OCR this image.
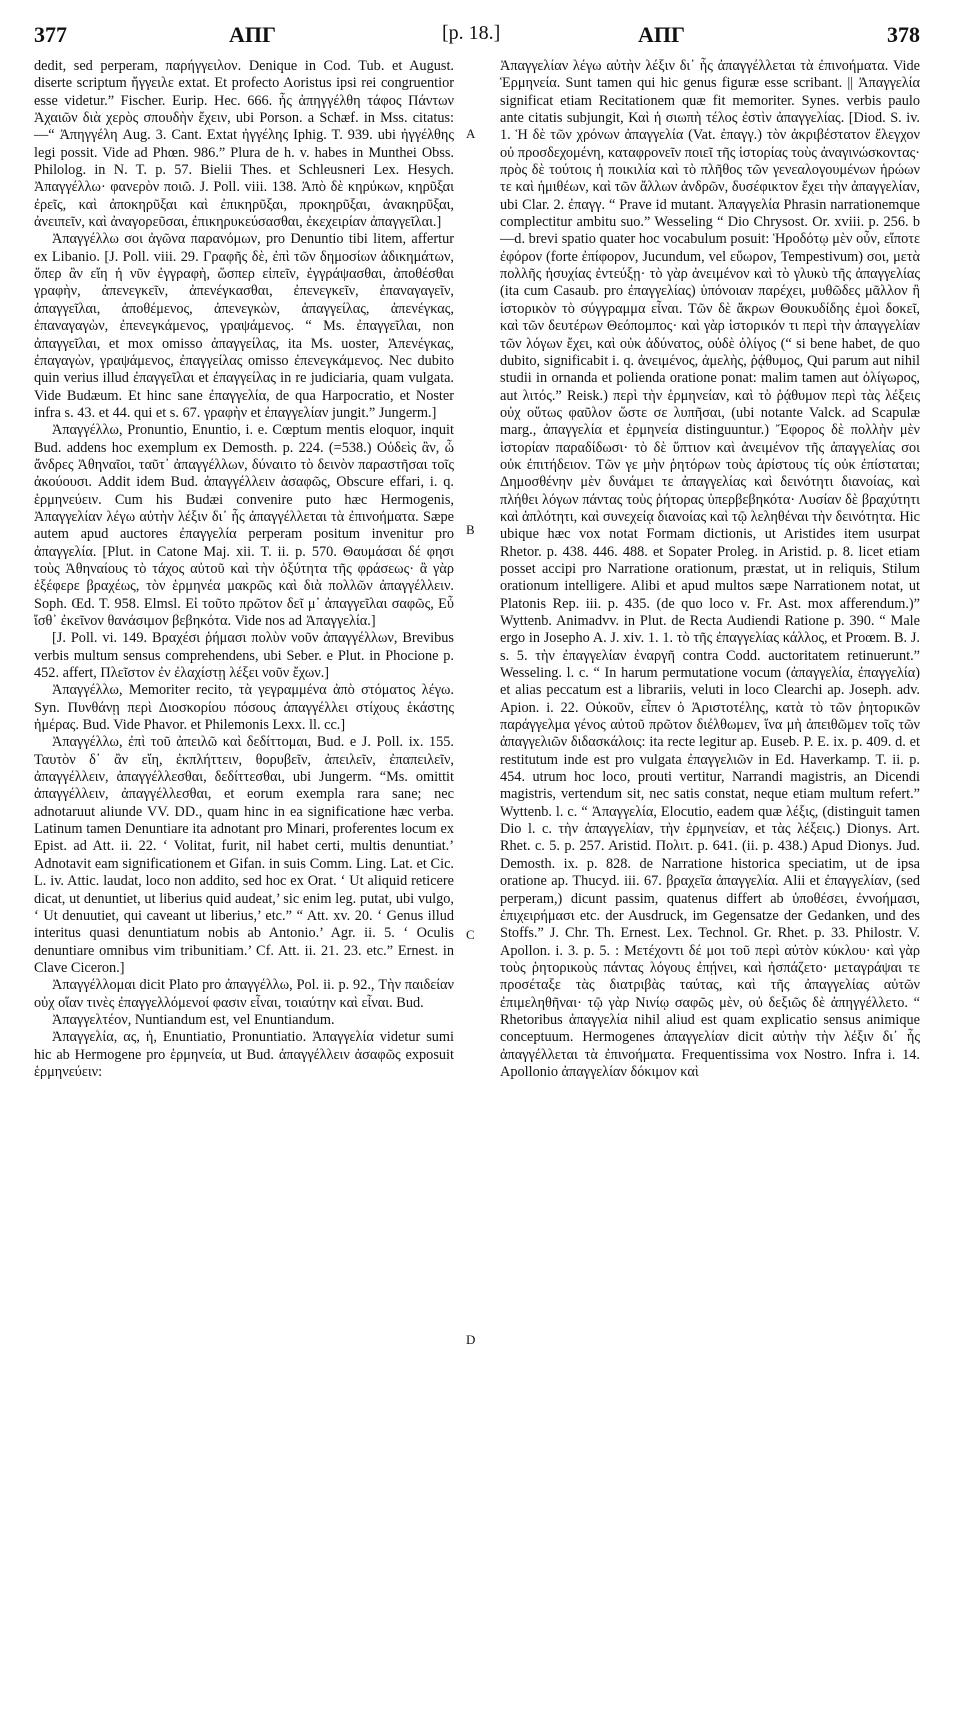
377	ΑΠΓ	[p. 18.]	ΑΠΓ	378

dedit, sed perperam, παρήγγειλον. Denique in Cod. Tub. et August. diserte scriptum ἤγγειλε extat. Et profecto Aoristus ipsi rei congruentior esse videtur.” Fischer. Eurip. Hec. 666. ἧς ἀπηγγέλθη τάφος Πάντων Ἀχαιῶν διὰ χερὸς σπουδὴν ἔχειν, ubi Porson. a Schæf. in Mss. citatus:—“ Ἀπηγγέλη Aug. 3. Cant. Extat ἠγγέλης Iphig. T. 939. ubi ἠγγέλθης legi possit. Vide ad Phœn. 986.” Plura de h. v. habes in Munthei Obss. Philolog. in N. T. p. 57. Bielii Thes. et Schleusneri Lex. Hesych. Ἀπαγγέλλω· φανερὸν ποιῶ. J. Poll. viii. 138. Ἀπὸ δὲ κηρύκων, κηρῦξαι ἐρεῖς, καὶ ἀποκηρῦξαι καὶ ἐπικηρῦξαι, προκηρῦξαι, ἀνακηρῦξαι, ἀνειπεῖν, καὶ ἀναγορεῦσαι, ἐπικηρυκεύσασθαι, ἐκεχειρίαν ἀπαγγεῖλαι.]

Ἀπαγγέλλω σοι ἀγῶνα παρανόμων, pro Denuntio tibi litem, affertur ex Libanio. [J. Poll. viii. 29. Γραφῆς δὲ, ἐπὶ τῶν δημοσίων ἀδικημάτων, ὅπερ ἂν εἴη ἡ νῦν ἐγγραφὴ, ὥσπερ εἰπεῖν, ἐγγράψασθαι, ἀποθέσθαι γραφὴν, ἀπενεγκεῖν, ἀπενέγκασθαι, ἐπενεγκεῖν, ἐπαναγαγεῖν, ἀπαγγεῖλαι, ἀποθέμενος, ἀπενεγκὼν, ἀπαγγείλας, ἀπενέγκας, ἐπαναγαγὼν, ἐπενεγκάμενος, γραψάμενος. “ Ms. ἐπαγγεῖλαι, non ἀπαγγεῖλαι, et mox omisso ἀπαγγείλας, ita Ms. uoster, Ἀπενέγκας, ἐπαγαγὼν, γραψάμενος, ἐπαγγείλας omisso ἐπενεγκάμενος. Nec dubito quin verius illud ἐπαγγεῖλαι et ἐπαγγείλας in re judiciaria, quam vulgata. Vide Budæum. Et hinc sane ἐπαγγελία, de qua Harpocratio, et Noster infra s. 43. et 44. qui et s. 67. γραφὴν et ἐπαγγελίαν jungit.” Jungerm.]

Ἀπαγγέλλω, Pronuntio, Enuntio, i. e. Cœptum mentis eloquor, inquit Bud. addens hoc exemplum ex Demosth. p. 224. (=538.) Οὐδεὶς ἂν, ὦ ἄνδρες Ἀθηναῖοι, ταῦτ᾽ ἀπαγγέλλων, δύναιτο τὸ δεινὸν παραστῆσαι τοῖς ἀκούουσι. Addit idem Bud. ἀπαγγέλλειν ἀσαφῶς, Obscure effari, i. q. ἑρμηνεύειν. Cum his Budæi convenire puto hæc Hermogenis, Ἀπαγγελίαν λέγω αὐτὴν λέξιν δι᾽ ἧς ἀπαγγέλλεται τὰ ἐπινοήματα. Sæpe autem apud auctores ἐπαγγελία perperam positum invenitur pro ἀπαγγελία. [Plut. in Catone Maj. xii. T. ii. p. 570. Θαυμάσαι δέ φησι τοὺς Ἀθηναίους τὸ τάχος αὐτοῦ καὶ τὴν ὀξύτητα τῆς φράσεως· ἃ γὰρ ἐξέφερε βραχέως, τὸν ἑρμηνέα μακρῶς καὶ διὰ πολλῶν ἀπαγγέλλειν. Soph. Œd. T. 958. Elmsl. Εἰ τοῦτο πρῶτον δεῖ μ᾽ ἀπαγγεῖλαι σαφῶς, Εὖ ἴσθ᾽ ἐκεῖνον θανάσιμον βεβηκότα. Vide nos ad Ἀπαγγελία.]

[J. Poll. vi. 149. Βραχέσι ῥήμασι πολὺν νοῦν ἀπαγγέλλων, Brevibus verbis multum sensus comprehendens, ubi Seber. e Plut. in Phocione p. 452. affert, Πλεῖστον ἐν ἐλαχίστῃ λέξει νοῦν ἔχων.]

Ἀπαγγέλλω, Memoriter recito, τὰ γεγραμμένα ἀπὸ στόματος λέγω. Syn. Πυνθάνῃ περὶ Διοσκορίου πόσους ἀπαγγέλλει στίχους ἑκάστης ἡμέρας. Bud. Vide Phavor. et Philemonis Lexx. ll. cc.]

Ἀπαγγέλλω, ἐπὶ τοῦ ἀπειλῶ καὶ δεδίττομαι, Bud. e J. Poll. ix. 155. Ταυτὸν δ᾽ ἂν εἴη, ἐκπλήττειν, θορυβεῖν, ἀπειλεῖν, ἐπαπειλεῖν, ἀπαγγέλλειν, ἀπαγγέλλεσθαι, δεδίττεσθαι, ubi Jungerm. “Ms. omittit ἀπαγγέλλειν, ἀπαγγέλλεσθαι, et eorum exempla rara sane; nec adnotaruut aliunde VV. DD., quam hinc in ea significatione hæc verba. Latinum tamen Denuntiare ita adnotant pro Minari, proferentes locum ex Epist. ad Att. ii. 22. ‘ Volitat, furit, nil habet certi, multis denuntiat.’ Adnotavit eam significationem et Gifan. in suis Comm. Ling. Lat. et Cic. L. iv. Attic. laudat, loco non addito, sed hoc ex Orat. ‘ Ut aliquid reticere dicat, ut denuntiet, ut liberius quid audeat,’ sic enim leg. putat, ubi vulgo, ‘ Ut denuutiet, qui caveant ut liberius,’ etc.” “ Att. xv. 20. ‘ Genus illud interitus quasi denuntiatum nobis ab Antonio.’ Agr. ii. 5. ‘ Oculis denuntiare omnibus vim tribunitiam.’ Cf. Att. ii. 21. 23. etc.” Ernest. in Clave Ciceron.]

Ἀπαγγέλλομαι dicit Plato pro ἀπαγγέλλω, Pol. ii. p. 92., Τὴν παιδείαν οὐχ οἵαν τινὲς ἐπαγγελλόμενοί φασιν εἶναι, τοιαύτην καὶ εἶναι. Bud.

Ἀπαγγελτέον, Nuntiandum est, vel Enuntiandum.

Ἀπαγγελία, ας, ἡ, Enuntiatio, Pronuntiatio. Ἀπαγγελία videtur sumi hic ab Hermogene pro ἑρμηνεία, ut Bud. ἀπαγγέλλειν ἀσαφῶς exposuit ἑρμηνεύειν:

A
B
C
D

Ἀπαγγελίαν λέγω αὐτὴν λέξιν δι᾽ ἧς ἀπαγγέλλεται τὰ ἐπινοήματα. Vide Ἑρμηνεία. Sunt tamen qui hic genus figuræ esse scribant. || Ἀπαγγελία significat etiam Recitationem quæ fit memoriter. Synes. verbis paulo ante citatis subjungit, Καὶ ἡ σιωπὴ τέλος ἐστὶν ἀπαγγελίας. [Diod. S. iv. 1. Ἡ δὲ τῶν χρόνων ἀπαγγελία (Vat. ἐπαγγ.) τὸν ἀκριβέστατον ἔλεγχον οὐ προσδεχομένη, καταφρονεῖν ποιεῖ τῆς ἱστορίας τοὺς ἀναγινώσκοντας· πρὸς δὲ τούτοις ἡ ποικιλία καὶ τὸ πλῆθος τῶν γενεαλογουμένων ἡρώων τε καὶ ἡμιθέων, καὶ τῶν ἄλλων ἀνδρῶν, δυσέφικτον ἔχει τὴν ἀπαγγελίαν, ubi Clar. 2. ἐπαγγ. “ Prave id mutant. Ἀπαγγελία Phrasin narrationemque complectitur ambitu suo.” Wesseling “ Dio Chrysost. Or. xviii. p. 256. b—d. brevi spatio quater hoc vocabulum posuit: Ἡροδότῳ μὲν οὖν, εἴποτε ἐφόρον (forte ἐπίφορον, Jucundum, vel εὔωρον, Tempestivum) σοι, μετὰ πολλῆς ἡσυχίας ἐντεύξῃ· τὸ γὰρ ἀνειμένον καὶ τὸ γλυκὺ τῆς ἀπαγγελίας (ita cum Casaub. pro ἐπαγγελίας) ὑπόνοιαν παρέχει, μυθῶδες μᾶλλον ἢ ἱστορικὸν τὸ σύγγραμμα εἶναι. Τῶν δὲ ἄκρων Θουκυδίδης ἐμοὶ δοκεῖ, καὶ τῶν δευτέρων Θεόπομπος· καὶ γὰρ ἱστορικόν τι περὶ τὴν ἀπαγγελίαν τῶν λόγων ἔχει, καὶ οὐκ ἀδύνατος, οὐδὲ ὀλίγος (“ si bene habet, de quo dubito, significabit i. q. ἀνειμένος, ἀμελὴς, ῥᾴθυμος, Qui parum aut nihil studii in ornanda et polienda oratione ponat: malim tamen aut ὀλίγωρος, aut λιτός.” Reisk.) περὶ τὴν ἑρμηνείαν, καὶ τὸ ῥᾴθυμον περὶ τὰς λέξεις οὐχ οὕτως φαῦλον ὥστε σε λυπῆσαι, (ubi notante Valck. ad Scapulæ marg., ἀπαγγελία et ἑρμηνεία distinguuntur.) Ἔφορος δὲ πολλὴν μὲν ἱστορίαν παραδίδωσι· τὸ δὲ ὕπτιον καὶ ἀνειμένον τῆς ἀπαγγελίας σοι οὐκ ἐπιτήδειον. Τῶν γε μὴν ῥητόρων τοὺς ἀρίστους τίς οὐκ ἐπίσταται; Δημοσθένην μὲν δυνάμει τε ἀπαγγελίας καὶ δεινότητι διανοίας, καὶ πλήθει λόγων πάντας τοὺς ῥήτορας ὑπερβεβηκότα· Λυσίαν δὲ βραχύτητι καὶ ἁπλότητι, καὶ συνεχείᾳ διανοίας καὶ τῷ λεληθέναι τὴν δεινότητα. Hic ubique hæc vox notat Formam dictionis, ut Aristides item usurpat Rhetor. p. 438. 446. 488. et Sopater Proleg. in Aristid. p. 8. licet etiam posset accipi pro Narratione orationum, præstat, ut in reliquis, Stilum orationum intelligere. Alibi et apud multos sæpe Narrationem notat, ut Platonis Rep. iii. p. 435. (de quo loco v. Fr. Ast. mox afferendum.)” Wyttenb. Animadvv. in Plut. de Recta Audiendi Ratione p. 390. “ Male ergo in Josepho A. J. xiv. 1. 1. τὸ τῆς ἐπαγγελίας κάλλος, et Proœm. B. J. s. 5. τὴν ἐπαγγελίαν ἐναργῆ contra Codd. auctoritatem retinuerunt.” Wesseling. l. c. “ In harum permutatione vocum (ἀπαγγελία, ἐπαγγελία) et alias peccatum est a librariis, veluti in loco Clearchi ap. Joseph. adv. Apion. i. 22. Οὐκοῦν, εἶπεν ὁ Ἀριστοτέλης, κατὰ τὸ τῶν ῥητορικῶν παράγγελμα γένος αὐτοῦ πρῶτον διέλθωμεν, ἵνα μὴ ἀπειθῶμεν τοῖς τῶν ἀπαγγελιῶν διδασκάλοις: ita recte legitur ap. Euseb. P. E. ix. p. 409. d. et restitutum inde est pro vulgata ἐπαγγελιῶν in Ed. Haverkamp. T. ii. p. 454. utrum hoc loco, prouti vertitur, Narrandi magistris, an Dicendi magistris, vertendum sit, nec satis constat, neque etiam multum refert.” Wyttenb. l. c. “ Ἀπαγγελία, Elocutio, eadem quæ λέξις, (distinguit tamen Dio l. c. τὴν ἀπαγγελίαν, τὴν ἑρμηνείαν, et τὰς λέξεις.) Dionys. Art. Rhet. c. 5. p. 257. Aristid. Πολιτ. p. 641. (ii. p. 438.) Apud Dionys. Jud. Demosth. ix. p. 828. de Narratione historica speciatim, ut de ipsa oratione ap. Thucyd. iii. 67. βραχεῖα ἀπαγγελία. Alii et ἐπαγγελίαν, (sed perperam,) dicunt passim, quatenus differt ab ὑποθέσει, ἐννοήμασι, ἐπιχειρήμασι etc. der Ausdruck, im Gegensatze der Gedanken, und des Stoffs.” J. Chr. Th. Ernest. Lex. Technol. Gr. Rhet. p. 33. Philostr. V. Apollon. i. 3. p. 5. : Μετέχοντι δέ μοι τοῦ περὶ αὐτὸν κύκλου· καὶ γὰρ τοὺς ῥητορικοὺς πάντας λόγους ἐπῄνει, καὶ ἠσπάζετο· μεταγράψαι τε προσέταξε τὰς διατριβὰς ταύτας, καὶ τῆς ἀπαγγελίας αὐτῶν ἐπιμεληθῆναι· τῷ γὰρ Νινίῳ σαφῶς μὲν, οὐ δεξιῶς δὲ ἀπηγγέλλετο. “ Rhetoribus ἀπαγγελία nihil aliud est quam explicatio sensus animique conceptuum. Hermogenes ἀπαγγελίαν dicit αὐτὴν τὴν λέξιν δι᾽ ἧς ἀπαγγέλλεται τὰ ἐπινοήματα. Frequentissima vox Nostro. Infra i. 14. Apollonio ἀπαγγελίαν δόκιμον καὶ
